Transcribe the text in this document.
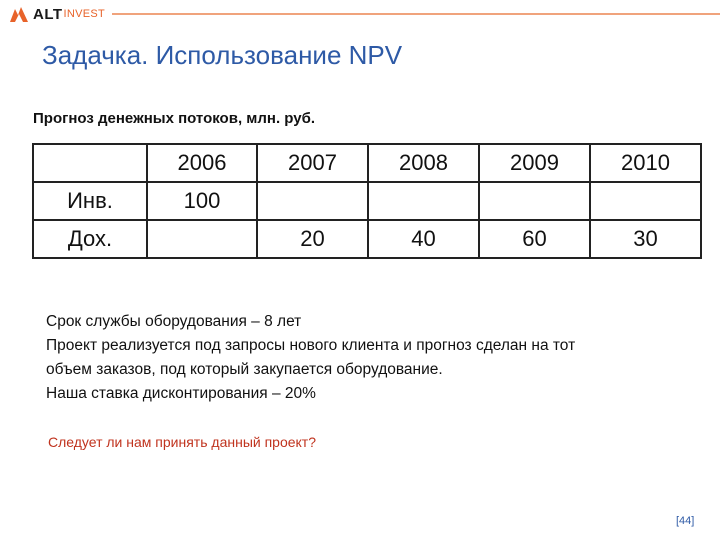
ALT INVEST
Задачка. Использование NPV
Прогноз денежных потоков, млн. руб.
	2006	2007	2008	2009	2010
Инв.	100				
Дох.		20	40	60	30
Срок службы оборудования – 8 лет
Проект реализуется под запросы нового клиента и прогноз сделан на тот
объем заказов, под который закупается оборудование.
Наша ставка дисконтирования – 20%
Следует ли нам принять данный проект?
[44]
